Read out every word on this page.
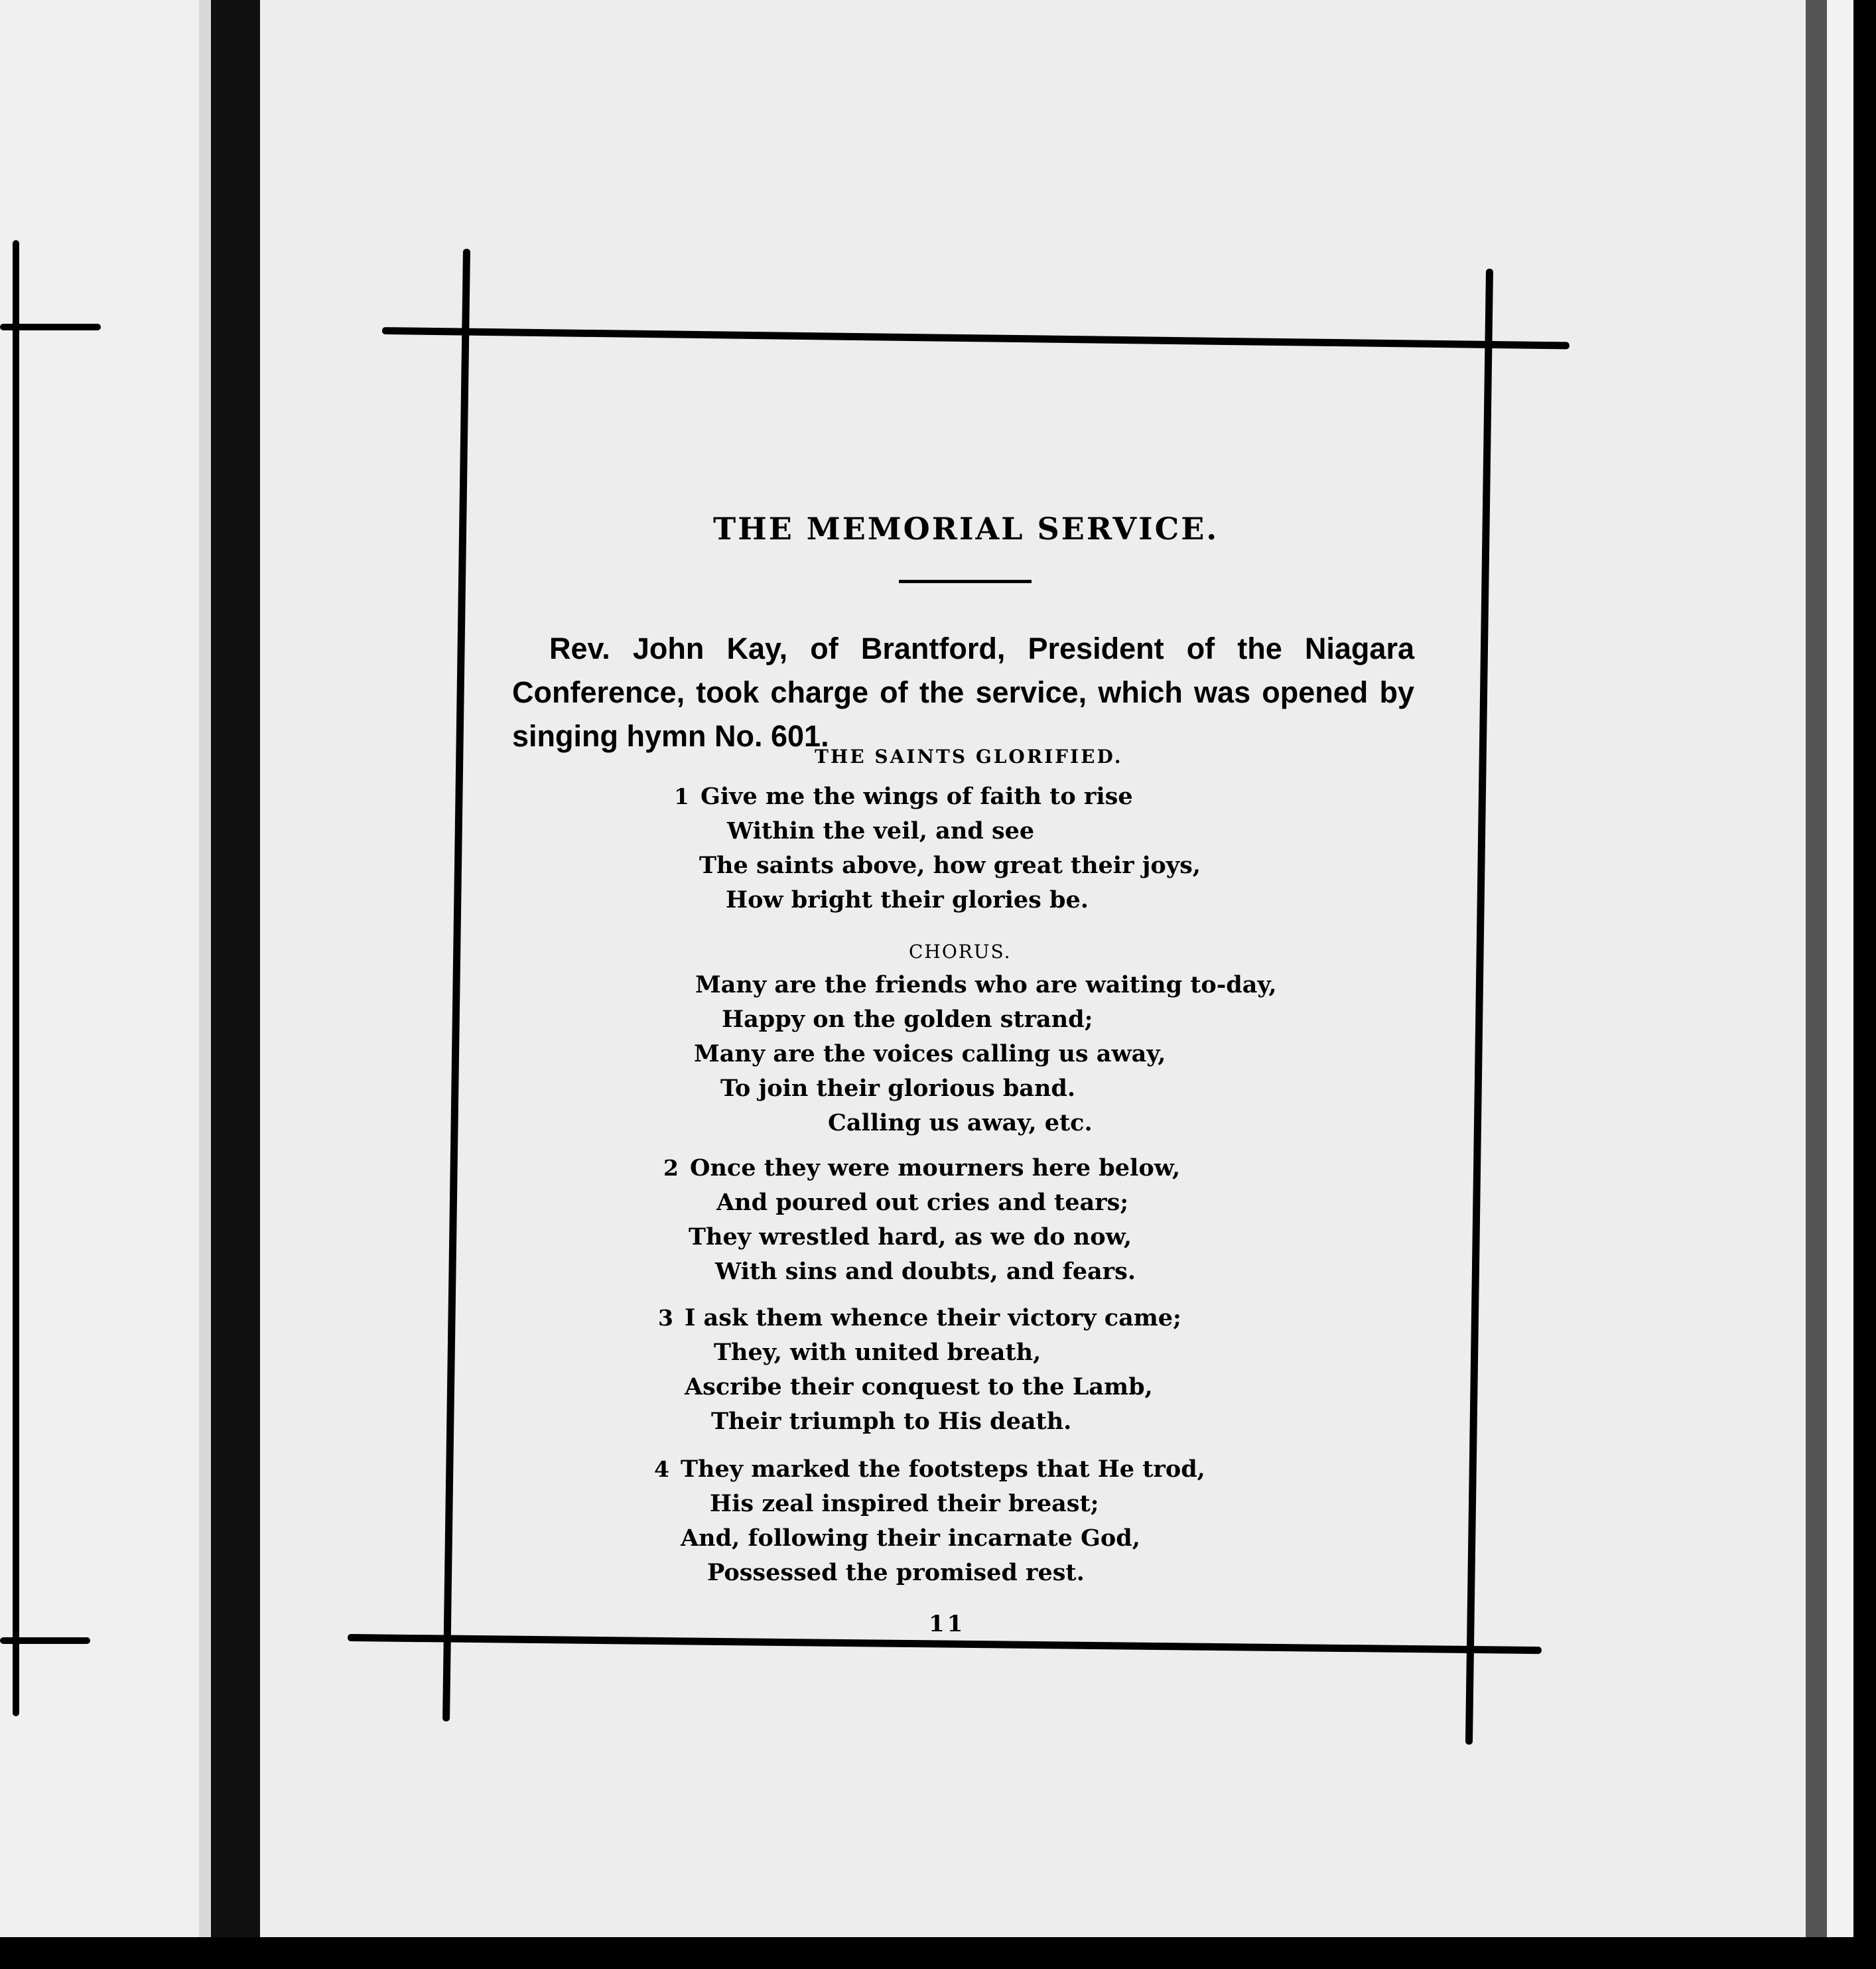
THE MEMORIAL SERVICE.

Rev. John Kay, of Brantford, President of the Niagara Conference, took charge of the service, which was opened by singing hymn No. 601.

THE SAINTS GLORIFIED.
1 Give me the wings of faith to rise
Within the veil, and see
The saints above, how great their joys,
How bright their glories be.
CHORUS.
Many are the friends who are waiting to-day,
Happy on the golden strand;
Many are the voices calling us away,
To join their glorious band.
Calling us away, etc.
2 Once they were mourners here below,
And poured out cries and tears;
They wrestled hard, as we do now,
With sins and doubts, and fears.
3 I ask them whence their victory came;
They, with united breath,
Ascribe their conquest to the Lamb,
Their triumph to His death.
4 They marked the footsteps that He trod,
His zeal inspired their breast;
And, following their incarnate God,
Possessed the promised rest.
11
